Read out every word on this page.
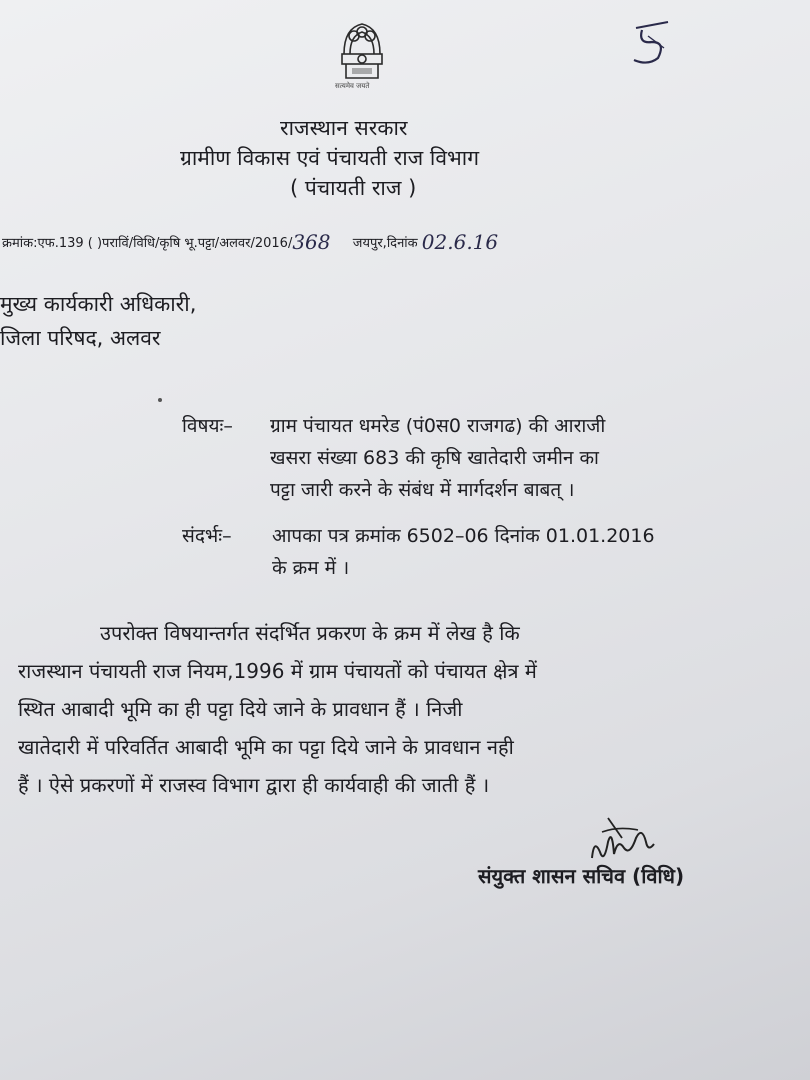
सत्यमेव जयते
राजस्थान सरकार
ग्रामीण विकास एवं पंचायती राज विभाग
( पंचायती राज )
क्रमांक:एफ.139 ( )पराविं/विधि/कृषि भू.पट्टा/अलवर/2016/368 जयपुर,दिनांक 02.6.16
मुख्य कार्यकारी अधिकारी,
जिला परिषद, अलवर
विषयः– ग्राम पंचायत धमरेड (पं0स0 राजगढ) की आराजी
खसरा संख्या 683 की कृषि खातेदारी जमीन का
पट्टा जारी करने के संबंध में मार्गदर्शन बाबत् ।
संदर्भः– आपका पत्र क्रमांक 6502–06 दिनांक 01.01.2016
के क्रम में ।
उपरोक्त विषयान्तर्गत संदर्भित प्रकरण के क्रम में लेख है कि
राजस्थान पंचायती राज नियम,1996 में ग्राम पंचायतों को पंचायत क्षेत्र में
स्थित आबादी भूमि का ही पट्टा दिये जाने के प्रावधान हैं । निजी
खातेदारी में परिवर्तित आबादी भूमि का पट्टा दिये जाने के प्रावधान नही
हैं । ऐसे प्रकरणों में राजस्व विभाग द्वारा ही कार्यवाही की जाती हैं ।
संयुक्त शासन सचिव (विधि)
